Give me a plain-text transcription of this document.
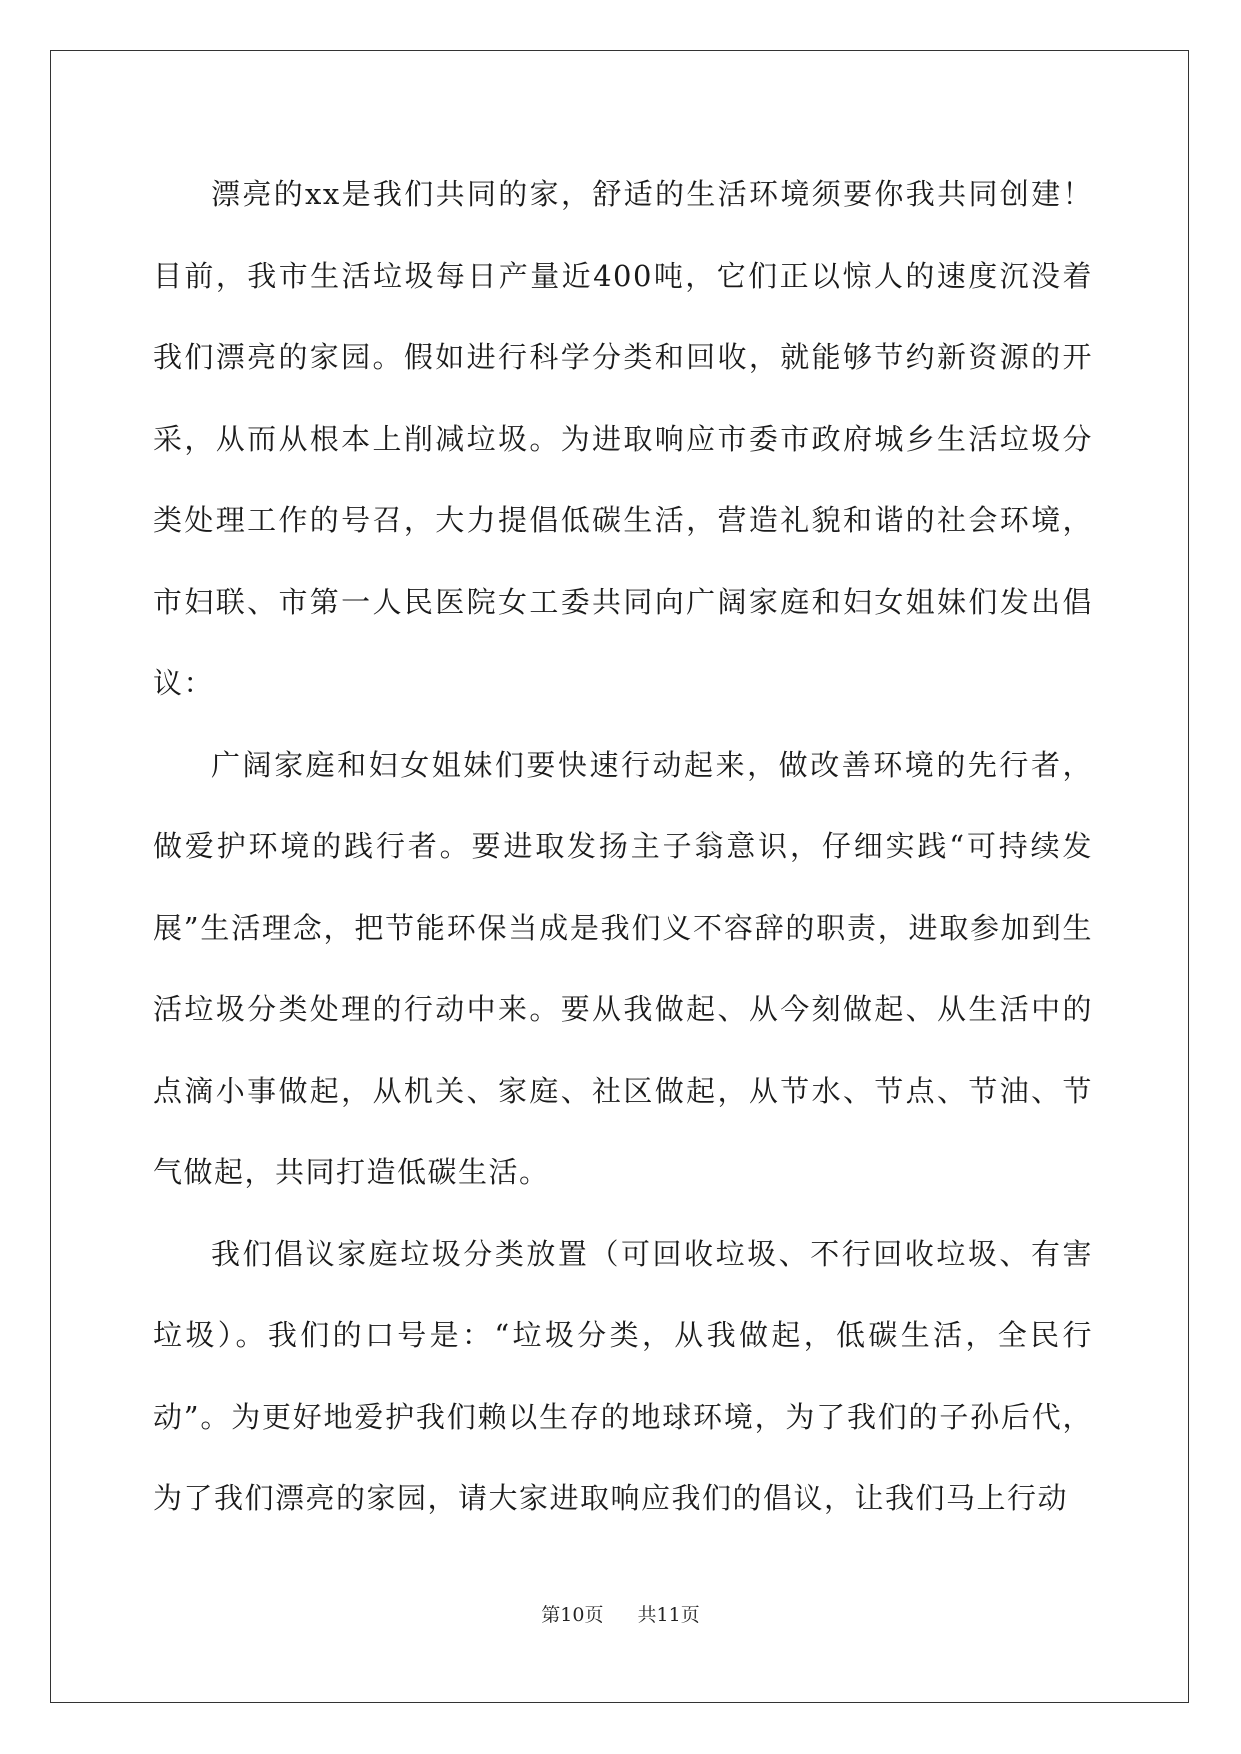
漂亮的xx是我们共同的家，舒适的生活环境须要你我共同创建！目前，我市生活垃圾每日产量近400吨，它们正以惊人的速度沉没着我们漂亮的家园。假如进行科学分类和回收，就能够节约新资源的开采，从而从根本上削减垃圾。为进取响应市委市政府城乡生活垃圾分类处理工作的号召，大力提倡低碳生活，营造礼貌和谐的社会环境，市妇联、市第一人民医院女工委共同向广阔家庭和妇女姐妹们发出倡议：

广阔家庭和妇女姐妹们要快速行动起来，做改善环境的先行者，做爱护环境的践行者。要进取发扬主子翁意识，仔细实践“可持续发展”生活理念，把节能环保当成是我们义不容辞的职责，进取参加到生活垃圾分类处理的行动中来。要从我做起、从今刻做起、从生活中的点滴小事做起，从机关、家庭、社区做起，从节水、节点、节油、节气做起，共同打造低碳生活。

我们倡议家庭垃圾分类放置（可回收垃圾、不行回收垃圾、有害垃圾）。我们的口号是：“垃圾分类，从我做起，低碳生活，全民行动”。为更好地爱护我们赖以生存的地球环境，为了我们的子孙后代，为了我们漂亮的家园，请大家进取响应我们的倡议，让我们马上行动

第10页 共11页
